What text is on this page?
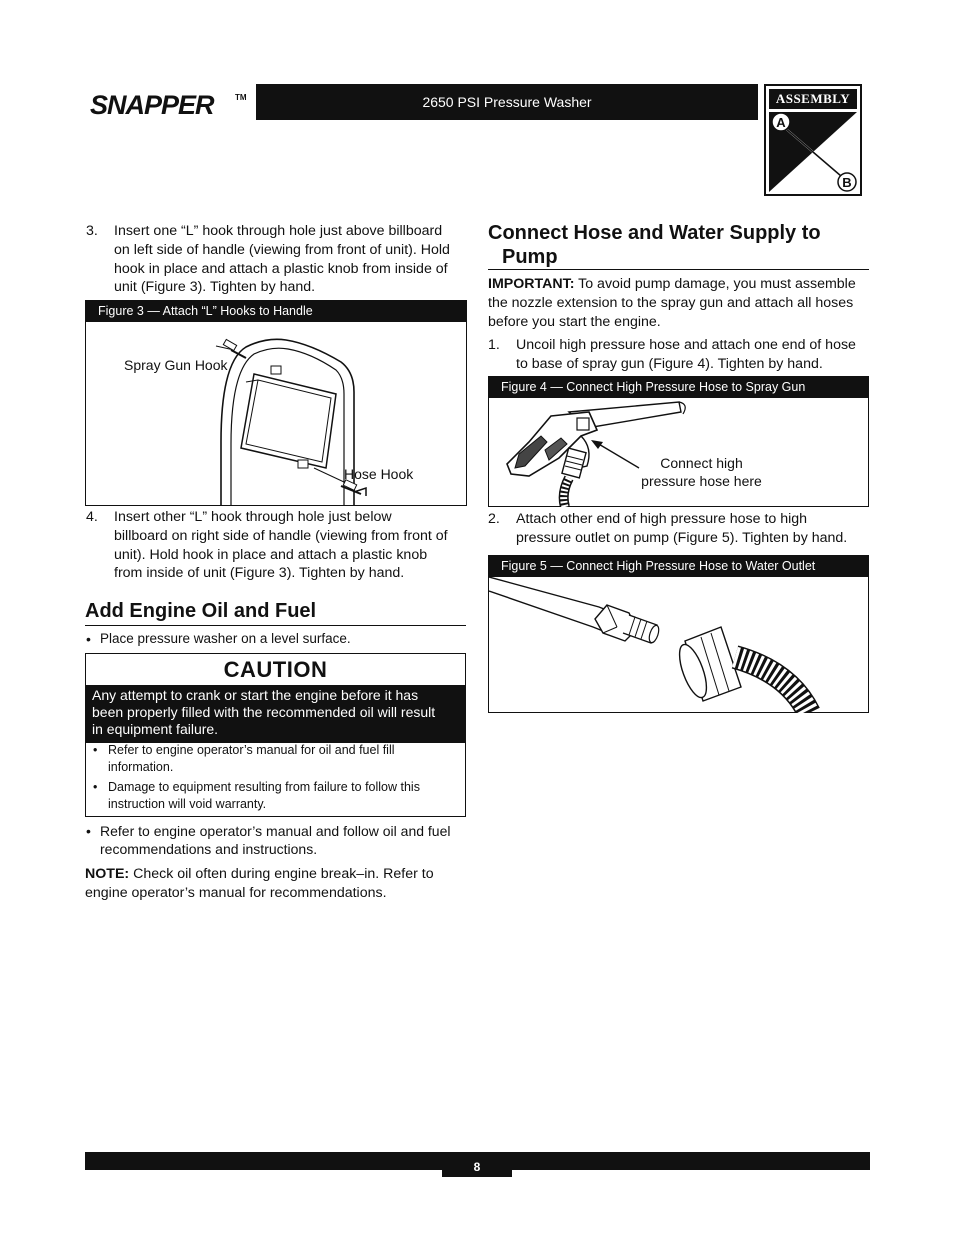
SNAPPER	TM	2650 PSI Pressure Washer	ASSEMBLY
A
B
3. Insert one “L” hook through hole just above billboard
on left side of handle (viewing from front of unit). Hold
hook in place and attach a plastic knob from inside of
unit (Figure 3). Tighten by hand.
Figure 3 — Attach “L” Hooks to Handle
Spray Gun Hook
Hose Hook
4. Insert other “L” hook through hole just below
billboard on right side of handle (viewing from front of
unit). Hold hook in place and attach a plastic knob
from inside of unit (Figure 3). Tighten by hand.
Add Engine Oil and Fuel
• Place pressure washer on a level surface.
CAUTION
Any attempt to crank or start the engine before it has
been properly filled with the recommended oil will result
in equipment failure.
• Refer to engine operator’s manual for oil and fuel fill
information.
• Damage to equipment resulting from failure to follow this
instruction will void warranty.
• Refer to engine operator’s manual and follow oil and fuel
recommendations and instructions.
NOTE: Check oil often during engine break–in. Refer to
engine operator’s manual for recommendations.
Connect Hose and Water Supply to
Pump
IMPORTANT: To avoid pump damage, you must assemble
the nozzle extension to the spray gun and attach all hoses
before you start the engine.
1. Uncoil high pressure hose and attach one end of hose
to base of spray gun (Figure 4). Tighten by hand.
Figure 4 — Connect High Pressure Hose to Spray Gun
Connect high
pressure hose here
2. Attach other end of high pressure hose to high
pressure outlet on pump (Figure 5). Tighten by hand.
Figure 5 — Connect High Pressure Hose to Water Outlet
8
